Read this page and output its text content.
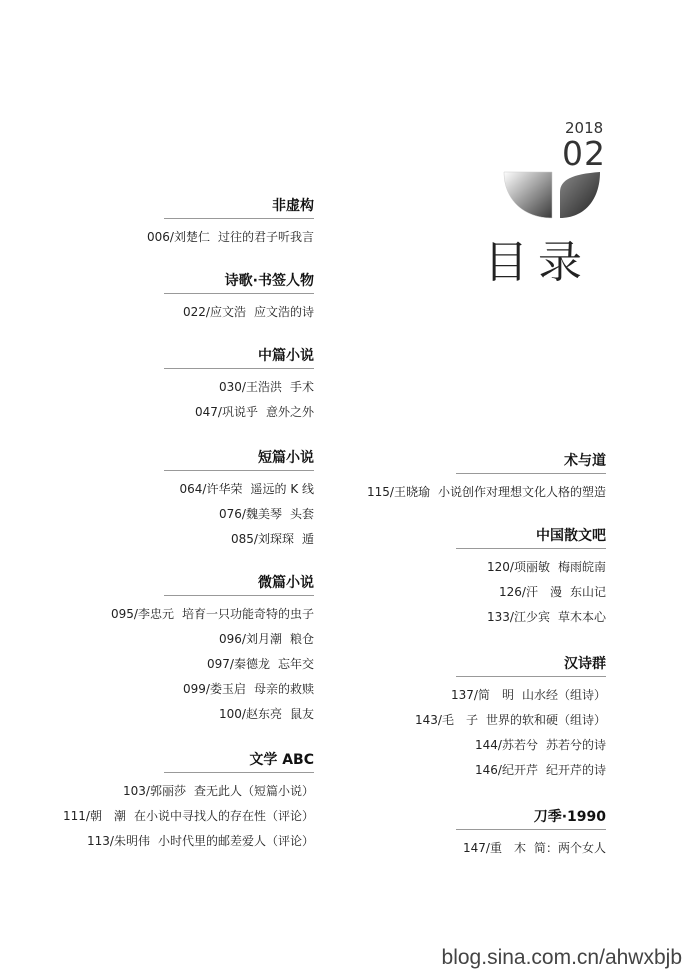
2018
02
目录
非虚构
006/刘楚仁 过往的君子听我言
诗歌·书签人物
022/应文浩 应文浩的诗
中篇小说
030/王浩洪 手术
047/巩说乎 意外之外
短篇小说
064/许华荣 遥远的 K 线
076/魏美琴 头套
085/刘琛琛 遁
微篇小说
095/李忠元 培育一只功能奇特的虫子
096/刘月潮 粮仓
097/秦德龙 忘年交
099/娄玉启 母亲的救赎
100/赵东亮 鼠友
文学 ABC
103/郭丽莎 查无此人（短篇小说）
111/朝　潮 在小说中寻找人的存在性（评论）
113/朱明伟 小时代里的邮差爱人（评论）
术与道
115/王晓瑜 小说创作对理想文化人格的塑造
中国散文吧
120/项丽敏 梅雨皖南
126/汗　漫 东山记
133/江少宾 草木本心
汉诗群
137/简　明 山水经（组诗）
143/毛　子 世界的软和硬（组诗）
144/苏若兮 苏若兮的诗
146/纪开芹 纪开芹的诗
刀季·1990
147/重　木 简：两个女人
blog.sina.com.cn/ahwxbjb
